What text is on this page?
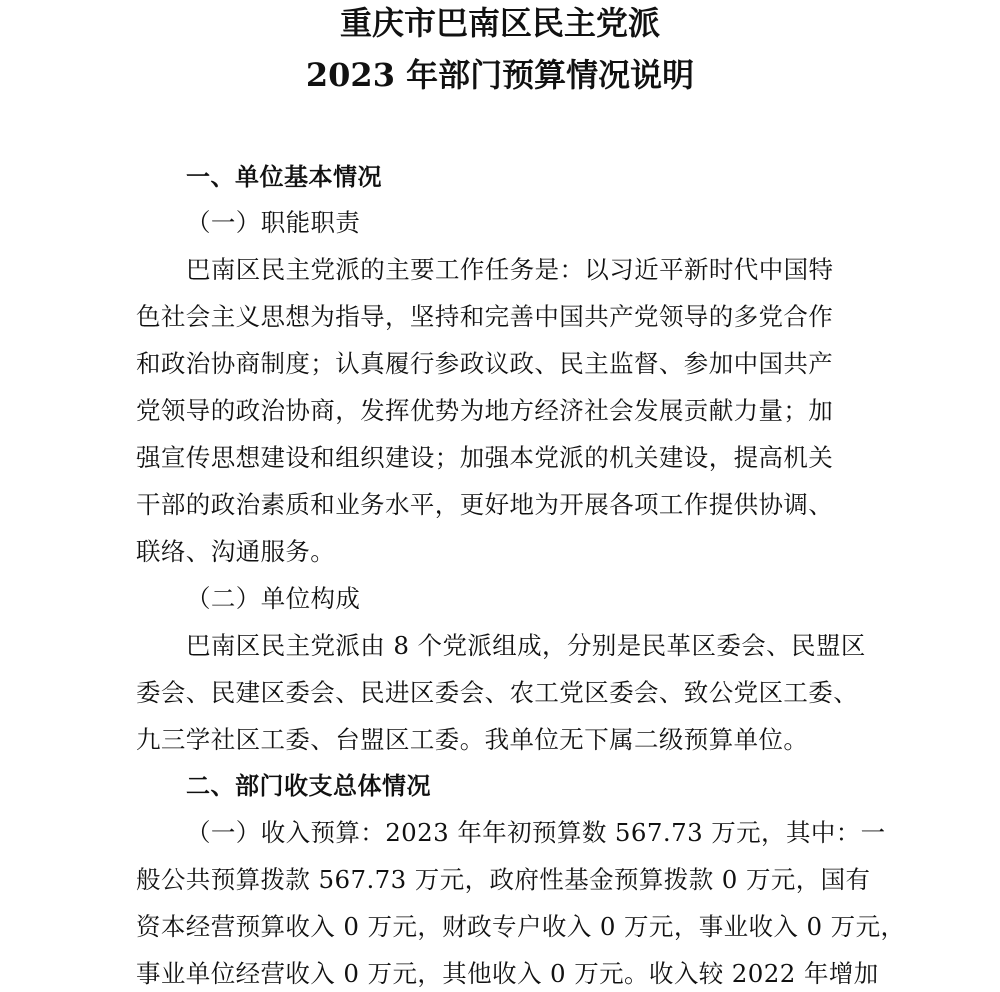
重庆市巴南区民主党派
2023 年部门预算情况说明

一、单位基本情况

（一）职能职责

巴南区民主党派的主要工作任务是：以习近平新时代中国特

色社会主义思想为指导，坚持和完善中国共产党领导的多党合作

和政治协商制度；认真履行参政议政、民主监督、参加中国共产

党领导的政治协商，发挥优势为地方经济社会发展贡献力量；加

强宣传思想建设和组织建设；加强本党派的机关建设，提高机关

干部的政治素质和业务水平，更好地为开展各项工作提供协调、

联络、沟通服务。

（二）单位构成

巴南区民主党派由 8 个党派组成，分别是民革区委会、民盟区

委会、民建区委会、民进区委会、农工党区委会、致公党区工委、

九三学社区工委、台盟区工委。我单位无下属二级预算单位。

二、部门收支总体情况

（一）收入预算：2023 年年初预算数 567.73 万元，其中：一

般公共预算拨款 567.73 万元，政府性基金预算拨款 0 万元，国有

资本经营预算收入 0 万元，财政专户收入 0 万元，事业收入 0 万元，

事业单位经营收入 0 万元，其他收入 0 万元。收入较 2022 年增加
